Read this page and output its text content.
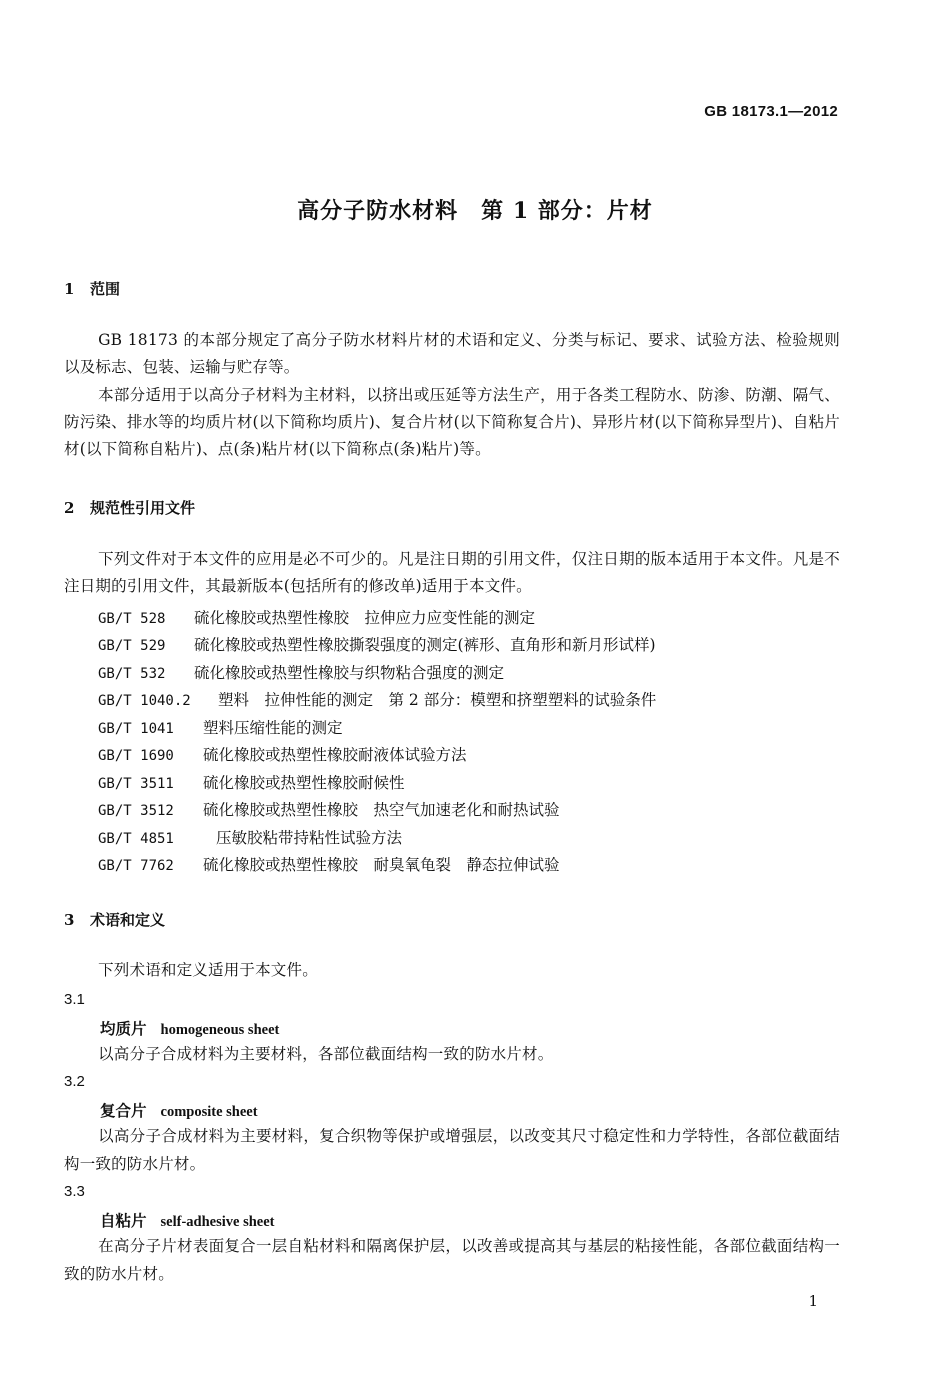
GB 18173.1—2012
高分子防水材料　第 1 部分：片材
1 范围

GB 18173 的本部分规定了高分子防水材料片材的术语和定义、分类与标记、要求、试验方法、检验规则以及标志、包装、运输与贮存等。

本部分适用于以高分子材料为主材料，以挤出或压延等方法生产，用于各类工程防水、防渗、防潮、隔气、防污染、排水等的均质片材(以下简称均质片)、复合片材(以下简称复合片)、异形片材(以下简称异型片)、自粘片材(以下简称自粘片)、点(条)粘片材(以下简称点(条)粘片)等。

2 规范性引用文件

下列文件对于本文件的应用是必不可少的。凡是注日期的引用文件，仅注日期的版本适用于本文件。凡是不注日期的引用文件，其最新版本(包括所有的修改单)适用于本文件。

GB/T 528 硫化橡胶或热塑性橡胶　拉伸应力应变性能的测定
GB/T 529 硫化橡胶或热塑性橡胶撕裂强度的测定(裤形、直角形和新月形试样)
GB/T 532 硫化橡胶或热塑性橡胶与织物粘合强度的测定
GB/T 1040.2 塑料　拉伸性能的测定　第 2 部分：模塑和挤塑塑料的试验条件
GB/T 1041 塑料压缩性能的测定
GB/T 1690 硫化橡胶或热塑性橡胶耐液体试验方法
GB/T 3511 硫化橡胶或热塑性橡胶耐候性
GB/T 3512 硫化橡胶或热塑性橡胶　热空气加速老化和耐热试验
GB/T 4851	压敏胶粘带持粘性试验方法
GB/T 7762 硫化橡胶或热塑性橡胶　耐臭氧龟裂　静态拉伸试验
3 术语和定义

下列术语和定义适用于本文件。

3.1
均质片 homogeneous sheet

以高分子合成材料为主要材料，各部位截面结构一致的防水片材。

3.2
复合片 composite sheet

以高分子合成材料为主要材料，复合织物等保护或增强层，以改变其尺寸稳定性和力学特性，各部位截面结构一致的防水片材。

3.3
自粘片 self-adhesive sheet

在高分子片材表面复合一层自粘材料和隔离保护层，以改善或提高其与基层的粘接性能，各部位截面结构一致的防水片材。

1
